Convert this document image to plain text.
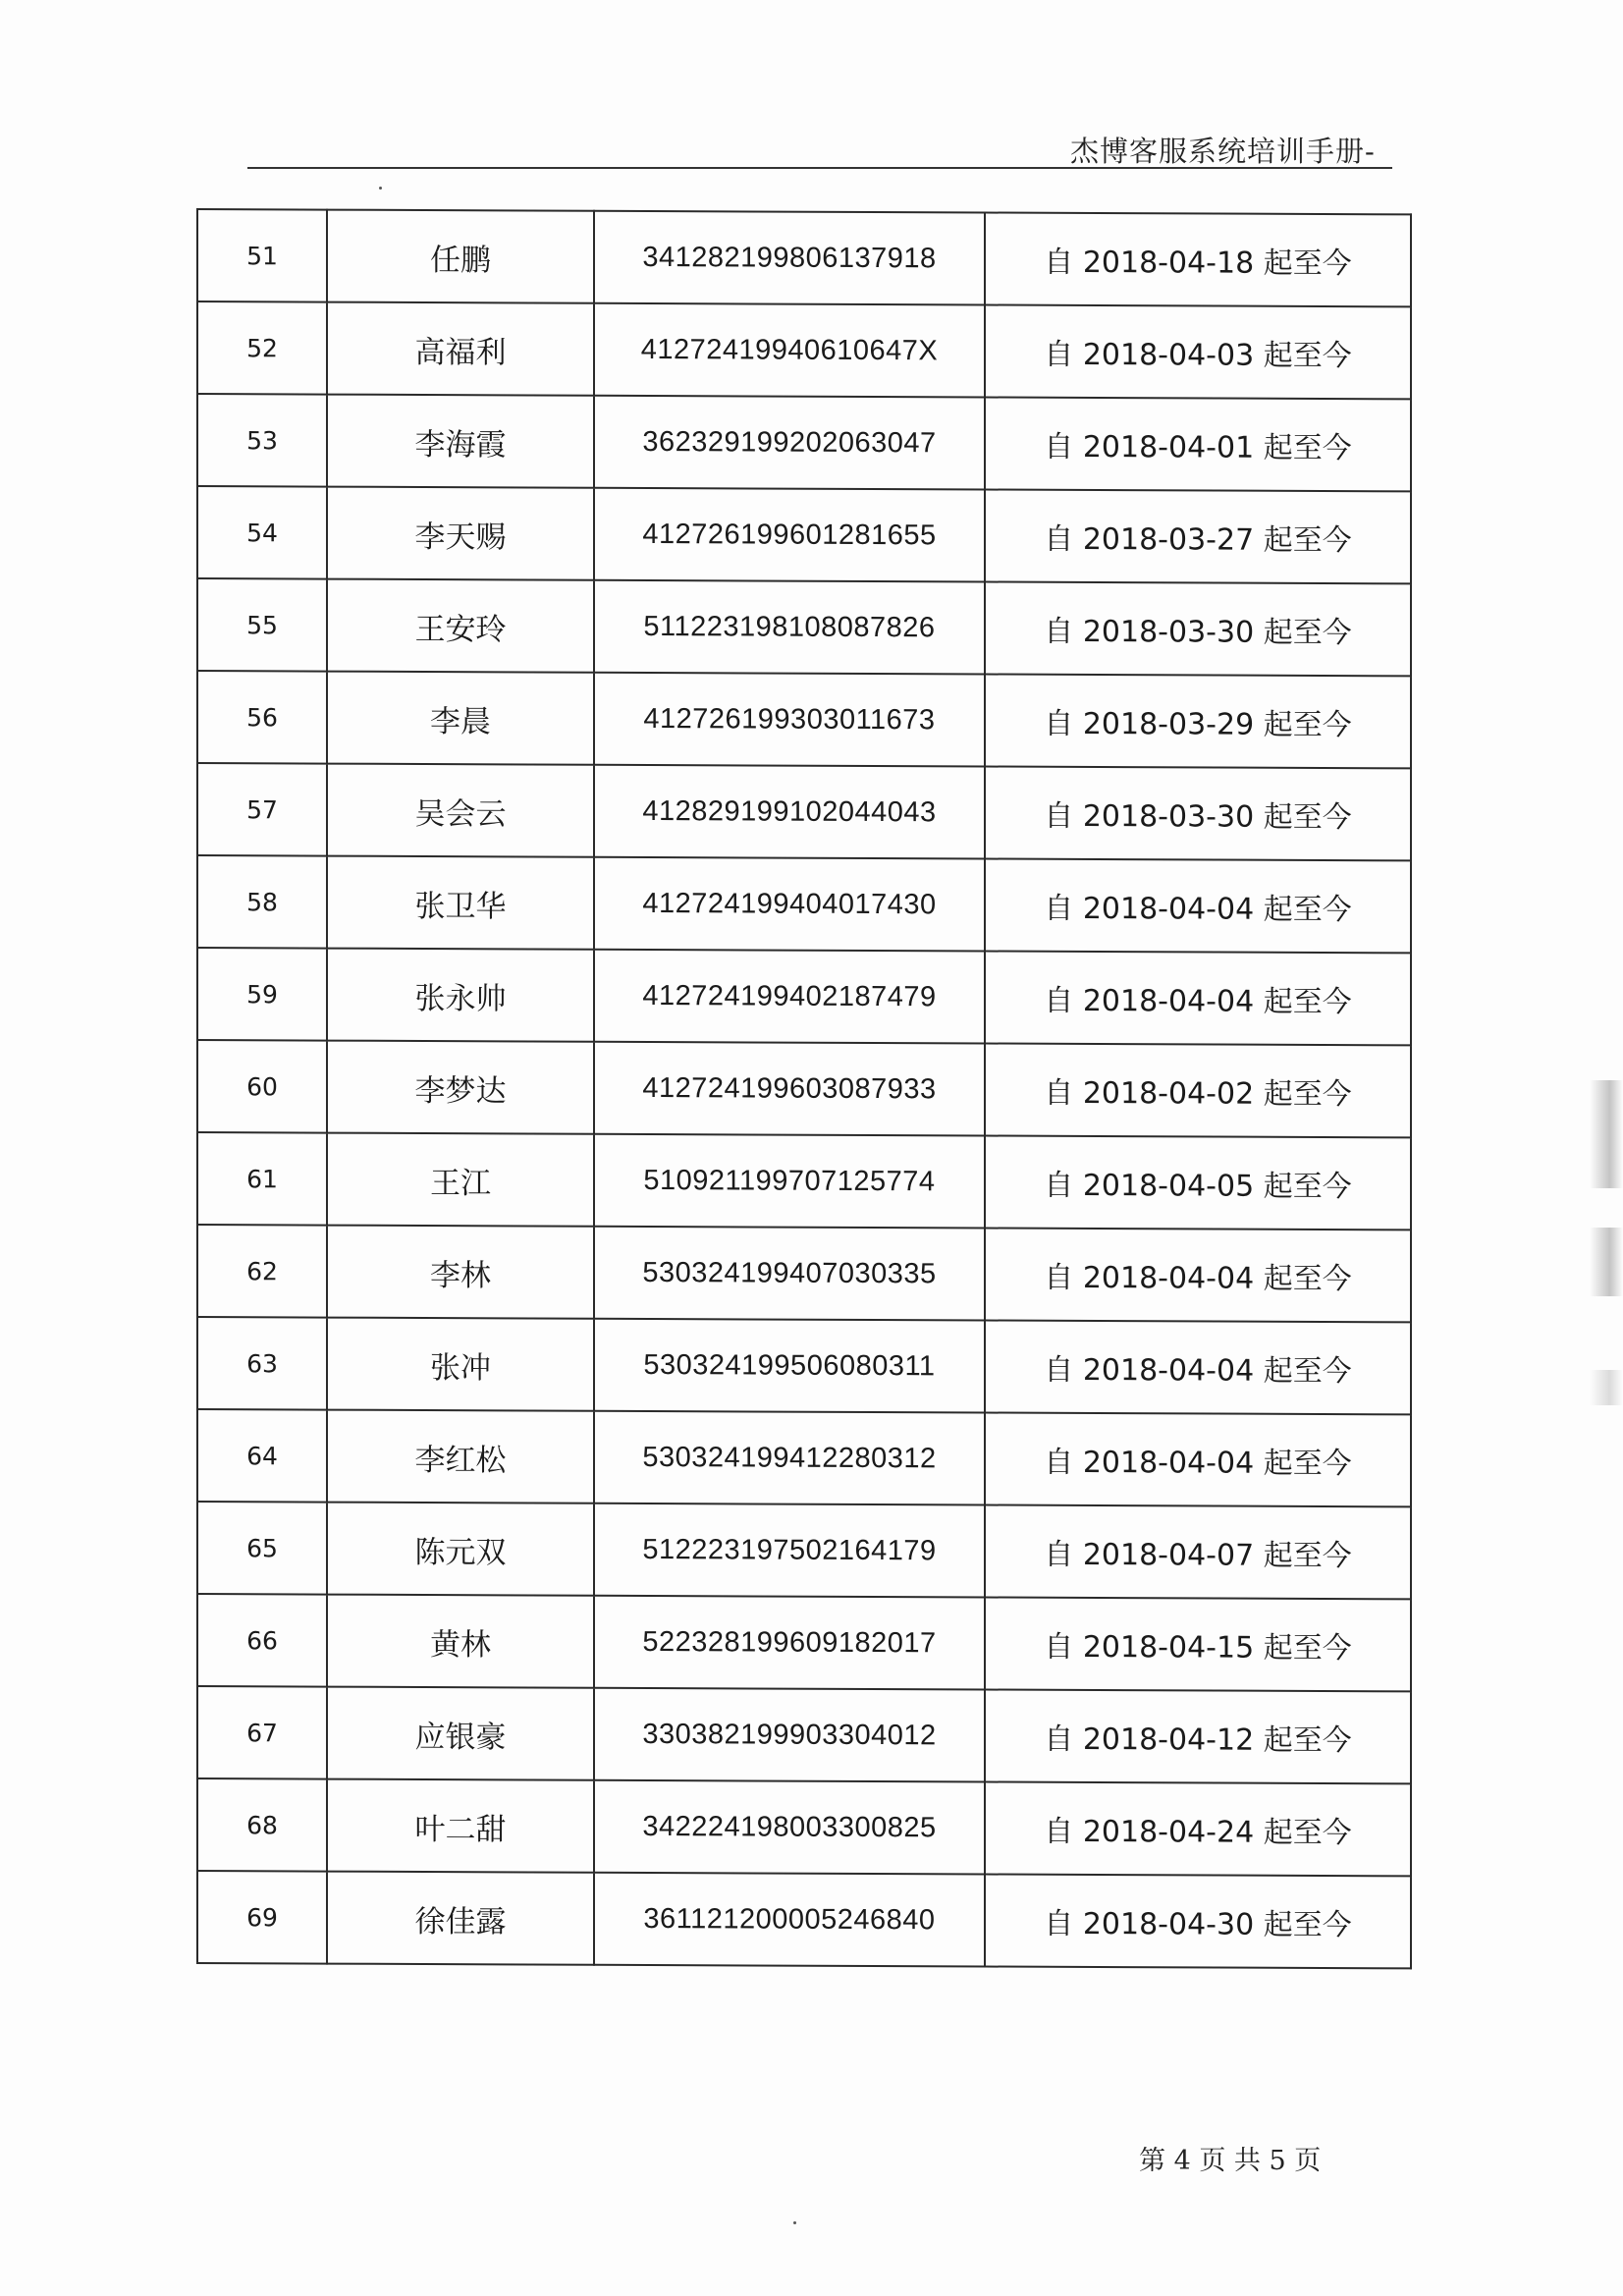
杰博客服系统培训手册-
51	任鹏	341282199806137918	自 2018-04-18 起至今
52	高福利	41272419940610647X	自 2018-04-03 起至今
53	李海霞	362329199202063047	自 2018-04-01 起至今
54	李天赐	412726199601281655	自 2018-03-27 起至今
55	王安玲	511223198108087826	自 2018-03-30 起至今
56	李晨	412726199303011673	自 2018-03-29 起至今
57	吴会云	412829199102044043	自 2018-03-30 起至今
58	张卫华	412724199404017430	自 2018-04-04 起至今
59	张永帅	412724199402187479	自 2018-04-04 起至今
60	李梦达	412724199603087933	自 2018-04-02 起至今
61	王江	510921199707125774	自 2018-04-05 起至今
62	李林	530324199407030335	自 2018-04-04 起至今
63	张冲	530324199506080311	自 2018-04-04 起至今
64	李红松	530324199412280312	自 2018-04-04 起至今
65	陈元双	512223197502164179	自 2018-04-07 起至今
66	黄林	522328199609182017	自 2018-04-15 起至今
67	应银豪	330382199903304012	自 2018-04-12 起至今
68	叶二甜	342224198003300825	自 2018-04-24 起至今
69	徐佳露	361121200005246840	自 2018-04-30 起至今
第 4 页 共 5 页
